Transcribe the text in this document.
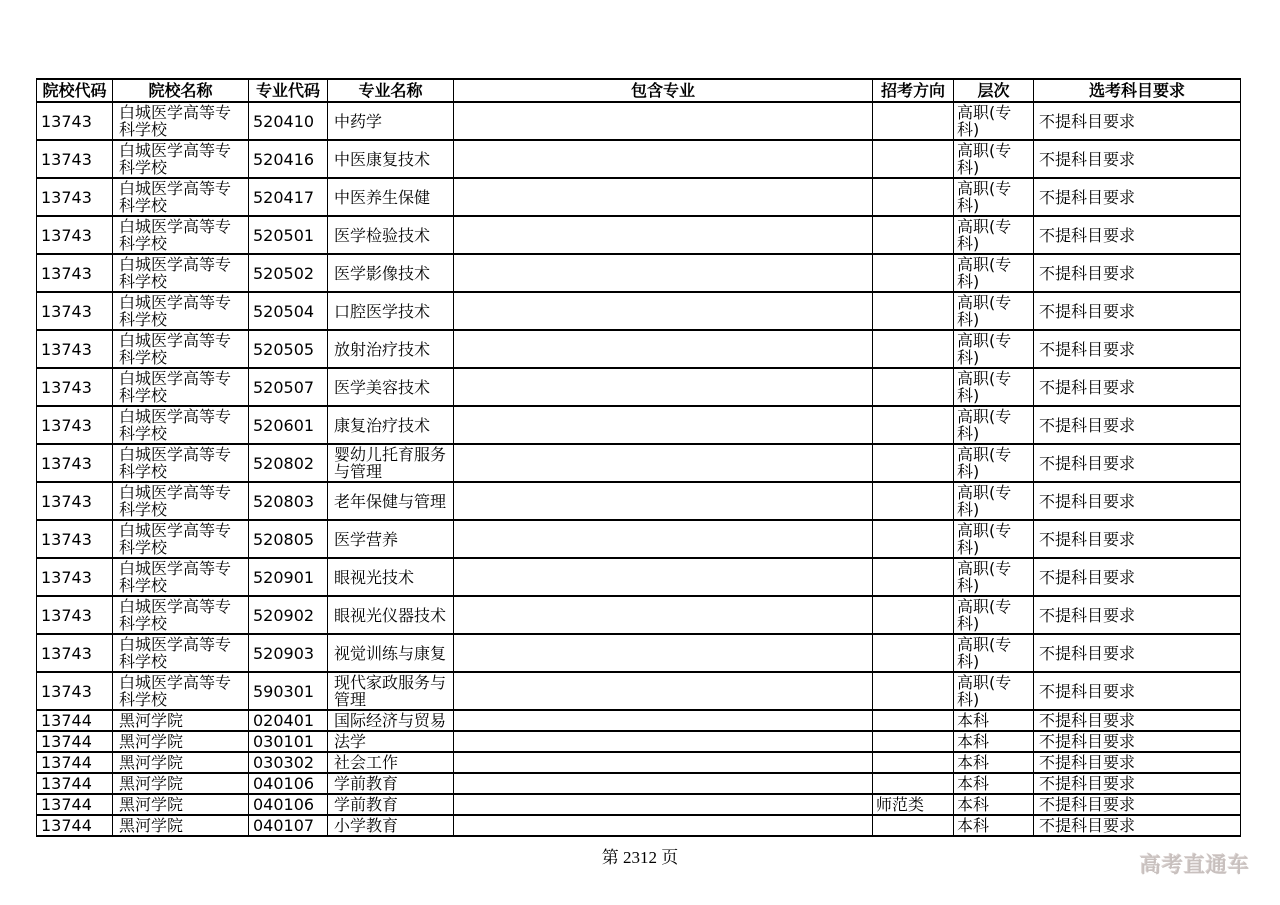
院校代码	院校名称	专业代码	专业名称	包含专业	招考方向	层次	选考科目要求
13743	白城医学高等专科学校	520410	中药学			高职(专科)	不提科目要求
13743	白城医学高等专科学校	520416	中医康复技术			高职(专科)	不提科目要求
13743	白城医学高等专科学校	520417	中医养生保健			高职(专科)	不提科目要求
13743	白城医学高等专科学校	520501	医学检验技术			高职(专科)	不提科目要求
13743	白城医学高等专科学校	520502	医学影像技术			高职(专科)	不提科目要求
13743	白城医学高等专科学校	520504	口腔医学技术			高职(专科)	不提科目要求
13743	白城医学高等专科学校	520505	放射治疗技术			高职(专科)	不提科目要求
13743	白城医学高等专科学校	520507	医学美容技术			高职(专科)	不提科目要求
13743	白城医学高等专科学校	520601	康复治疗技术			高职(专科)	不提科目要求
13743	白城医学高等专科学校	520802	婴幼儿托育服务与管理			高职(专科)	不提科目要求
13743	白城医学高等专科学校	520803	老年保健与管理			高职(专科)	不提科目要求
13743	白城医学高等专科学校	520805	医学营养			高职(专科)	不提科目要求
13743	白城医学高等专科学校	520901	眼视光技术			高职(专科)	不提科目要求
13743	白城医学高等专科学校	520902	眼视光仪器技术			高职(专科)	不提科目要求
13743	白城医学高等专科学校	520903	视觉训练与康复			高职(专科)	不提科目要求
13743	白城医学高等专科学校	590301	现代家政服务与管理			高职(专科)	不提科目要求
13744	黑河学院	020401	国际经济与贸易			本科	不提科目要求
13744	黑河学院	030101	法学			本科	不提科目要求
13744	黑河学院	030302	社会工作			本科	不提科目要求
13744	黑河学院	040106	学前教育			本科	不提科目要求
13744	黑河学院	040106	学前教育		师范类	本科	不提科目要求
13744	黑河学院	040107	小学教育			本科	不提科目要求
第 2312 页	高考直通车
